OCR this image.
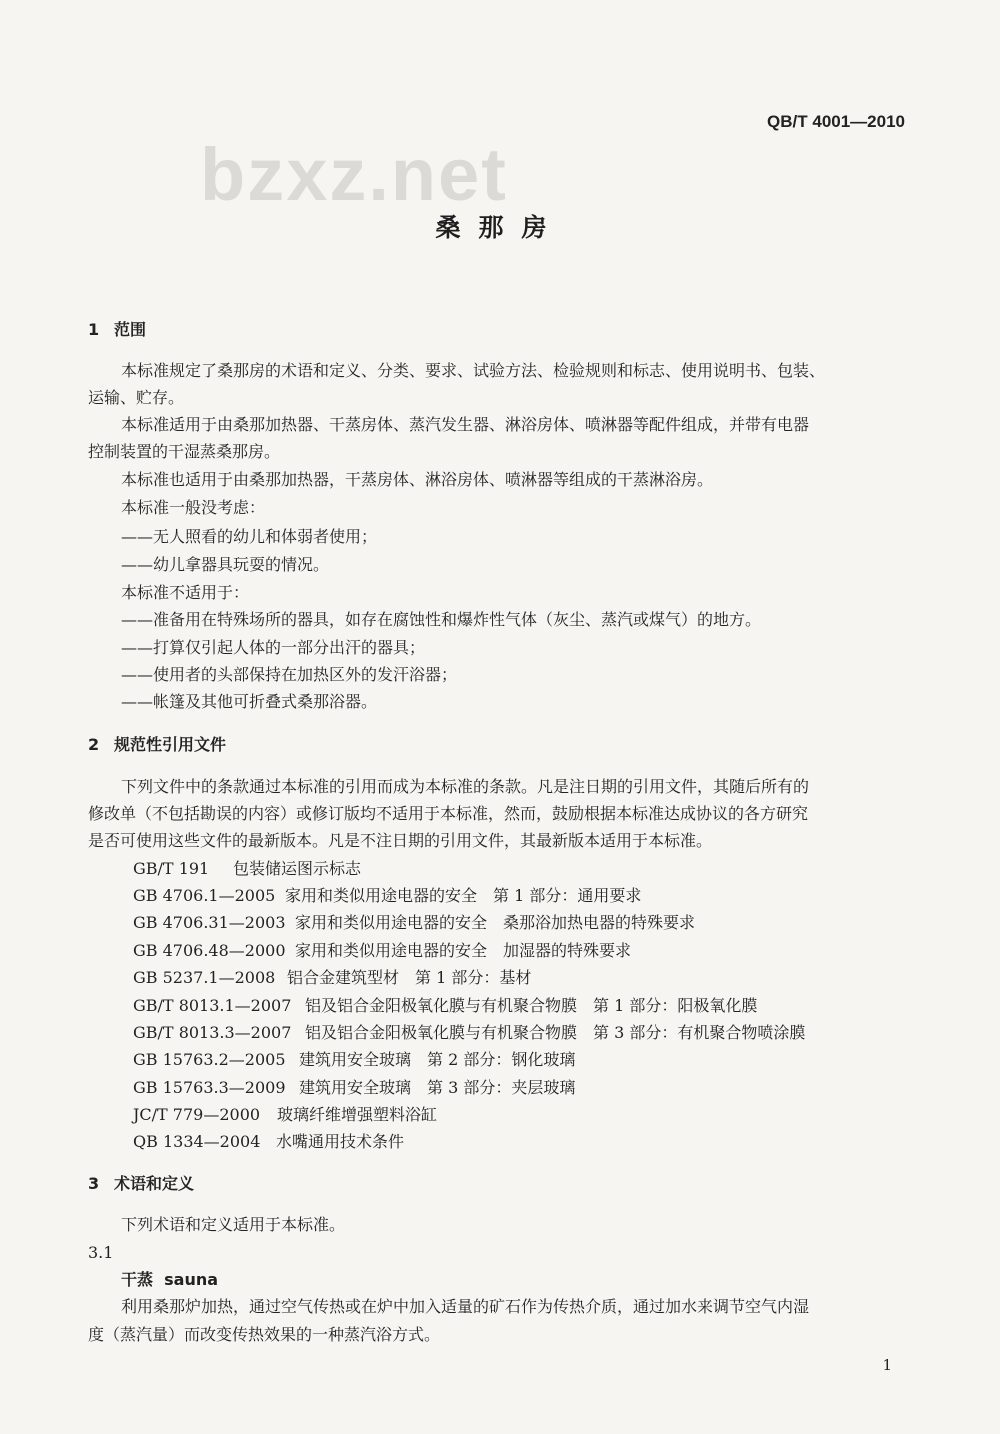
bzxz.net
QB/T 4001—2010
桑那房
1 范围
本标准规定了桑那房的术语和定义、分类、要求、试验方法、检验规则和标志、使用说明书、包装、
运输、贮存。
本标准适用于由桑那加热器、干蒸房体、蒸汽发生器、淋浴房体、喷淋器等配件组成，并带有电器
控制装置的干湿蒸桑那房。
本标准也适用于由桑那加热器，干蒸房体、淋浴房体、喷淋器等组成的干蒸淋浴房。
本标准一般没考虑：
——无人照看的幼儿和体弱者使用；
——幼儿拿器具玩耍的情况。
本标准不适用于：
——准备用在特殊场所的器具，如存在腐蚀性和爆炸性气体（灰尘、蒸汽或煤气）的地方。
——打算仅引起人体的一部分出汗的器具；
——使用者的头部保持在加热区外的发汗浴器；
——帐篷及其他可折叠式桑那浴器。
2 规范性引用文件
下列文件中的条款通过本标准的引用而成为本标准的条款。凡是注日期的引用文件，其随后所有的
修改单（不包括勘误的内容）或修订版均不适用于本标准，然而，鼓励根据本标准达成协议的各方研究
是否可使用这些文件的最新版本。凡是不注日期的引用文件，其最新版本适用于本标准。
GB/T 191 包装储运图示标志
GB 4706.1—2005 家用和类似用途电器的安全　第 1 部分：通用要求
GB 4706.31—2003 家用和类似用途电器的安全　桑那浴加热电器的特殊要求
GB 4706.48—2000 家用和类似用途电器的安全　加湿器的特殊要求
GB 5237.1—2008 铝合金建筑型材　第 1 部分：基材
GB/T 8013.1—2007 铝及铝合金阳极氧化膜与有机聚合物膜　第 1 部分：阳极氧化膜
GB/T 8013.3—2007 铝及铝合金阳极氧化膜与有机聚合物膜　第 3 部分：有机聚合物喷涂膜
GB 15763.2—2005 建筑用安全玻璃　第 2 部分：钢化玻璃
GB 15763.3—2009 建筑用安全玻璃　第 3 部分：夹层玻璃
JC/T 779—2000 玻璃纤维增强塑料浴缸
QB 1334—2004 水嘴通用技术条件
3 术语和定义
下列术语和定义适用于本标准。
3.1
干蒸 sauna
利用桑那炉加热，通过空气传热或在炉中加入适量的矿石作为传热介质，通过加水来调节空气内湿
度（蒸汽量）而改变传热效果的一种蒸汽浴方式。
1
